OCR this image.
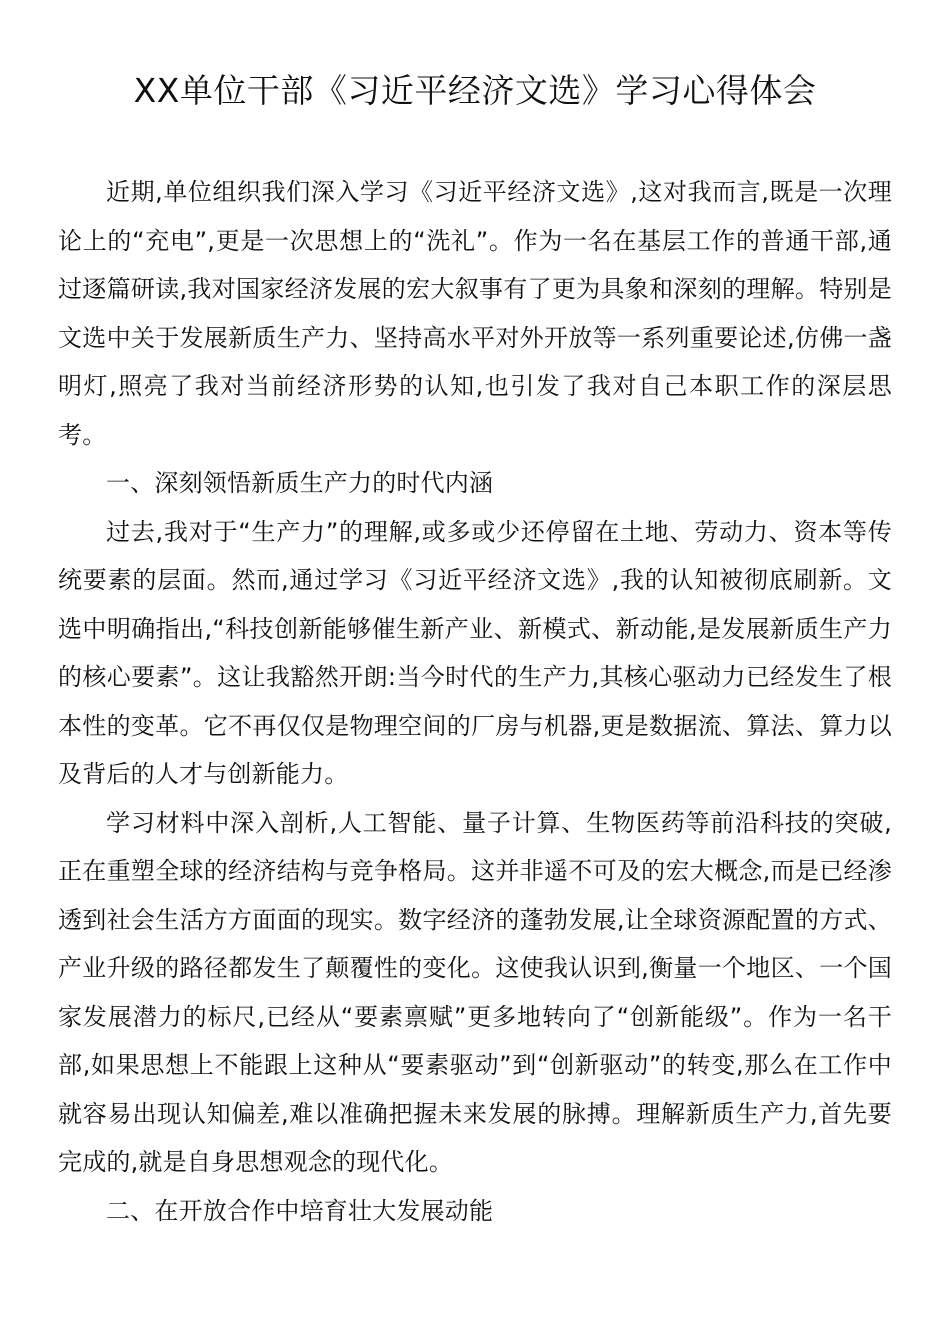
XX单位干部《习近平经济文选》学习心得体会

近期,单位组织我们深入学习《习近平经济文选》,这对我而言,既是一次理论上的“充电”,更是一次思想上的“洗礼”。作为一名在基层工作的普通干部,通过逐篇研读,我对国家经济发展的宏大叙事有了更为具象和深刻的理解。特别是文选中关于发展新质生产力、坚持高水平对外开放等一系列重要论述,仿佛一盏明灯,照亮了我对当前经济形势的认知,也引发了我对自己本职工作的深层思考。

一、深刻领悟新质生产力的时代内涵

过去,我对于“生产力”的理解,或多或少还停留在土地、劳动力、资本等传统要素的层面。然而,通过学习《习近平经济文选》,我的认知被彻底刷新。文选中明确指出,“科技创新能够催生新产业、新模式、新动能,是发展新质生产力的核心要素”。这让我豁然开朗:当今时代的生产力,其核心驱动力已经发生了根本性的变革。它不再仅仅是物理空间的厂房与机器,更是数据流、算法、算力以及背后的人才与创新能力。

学习材料中深入剖析,人工智能、量子计算、生物医药等前沿科技的突破,正在重塑全球的经济结构与竞争格局。这并非遥不可及的宏大概念,而是已经渗透到社会生活方方面面的现实。数字经济的蓬勃发展,让全球资源配置的方式、产业升级的路径都发生了颠覆性的变化。这使我认识到,衡量一个地区、一个国家发展潜力的标尺,已经从“要素禀赋”更多地转向了“创新能级”。作为一名干部,如果思想上不能跟上这种从“要素驱动”到“创新驱动”的转变,那么在工作中就容易出现认知偏差,难以准确把握未来发展的脉搏。理解新质生产力,首先要完成的,就是自身思想观念的现代化。

二、在开放合作中培育壮大发展动能
